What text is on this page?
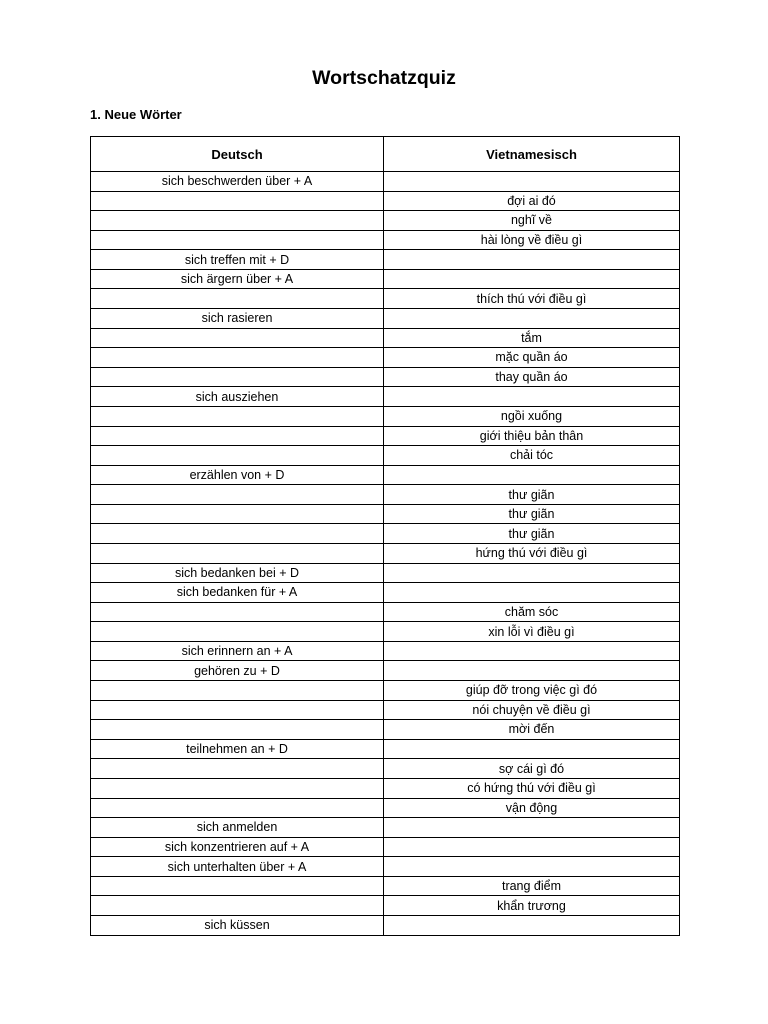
Wortschatzquiz
1. Neue Wörter
Deutsch	Vietnamesisch
sich beschwerden über + A	
	đợi ai đó
	nghĩ về
	hài lòng về điều gì
sich treffen mit + D	
sich ärgern über + A	
	thích thú với điều gì
sich rasieren	
	tắm
	mặc quần áo
	thay quần áo
sich ausziehen	
	ngồi xuống
	giới thiệu bản thân
	chải tóc
erzählen von + D	
	thư giãn
	thư giãn
	thư giãn
	hứng thú với điều gì
sich bedanken bei + D	
sich bedanken für + A	
	chăm sóc
	xin lỗi vì điều gì
sich erinnern an + A	
gehören zu + D	
	giúp đỡ trong việc gì đó
	nói chuyện về điều gì
	mời đến
teilnehmen an + D	
	sợ cái gì đó
	có hứng thú với điều gì
	vận động
sich anmelden	
sich konzentrieren auf + A	
sich unterhalten über + A	
	trang điểm
	khẩn trương
sich küssen	
